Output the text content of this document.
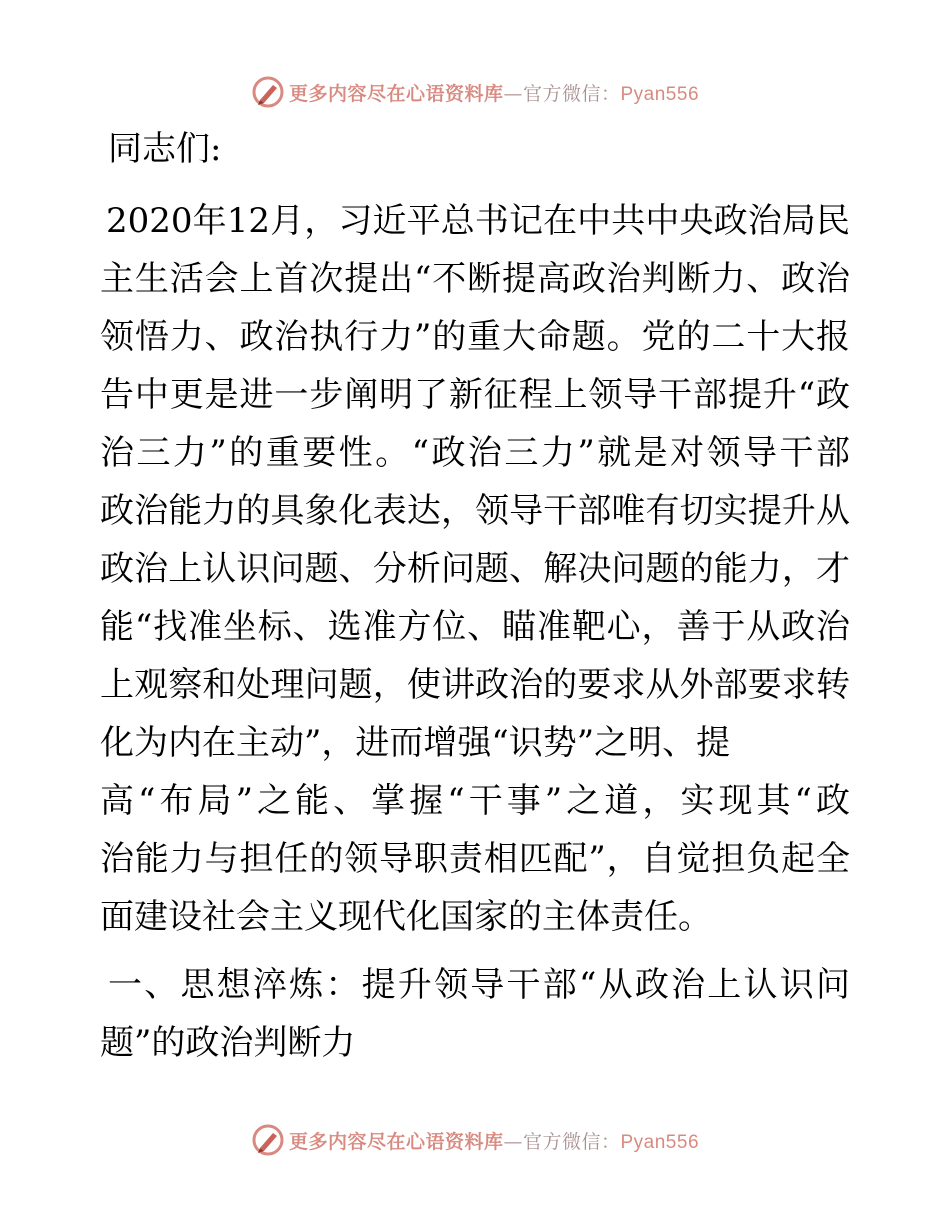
更多内容尽在心语资料库—官方微信：Pyan556
同志们:
2020年12月，习近平总书记在中共中央政治局民
主生活会上首次提出“不断提高政治判断力、政治
领悟力、政治执行力”的重大命题。党的二十大报
告中更是进一步阐明了新征程上领导干部提升“政
治三力”的重要性。“政治三力”就是对领导干部
政治能力的具象化表达，领导干部唯有切实提升从
政治上认识问题、分析问题、解决问题的能力，才
能“找准坐标、选准方位、瞄准靶心，善于从政治
上观察和处理问题，使讲政治的要求从外部要求转
化为内在主动”，进而增强“识势”之明、提
高“布局”之能、掌握“干事”之道，实现其“政
治能力与担任的领导职责相匹配”，自觉担负起全
面建设社会主义现代化国家的主体责任。
一、思想淬炼：提升领导干部“从政治上认识问
题”的政治判断力
更多内容尽在心语资料库—官方微信：Pyan556
